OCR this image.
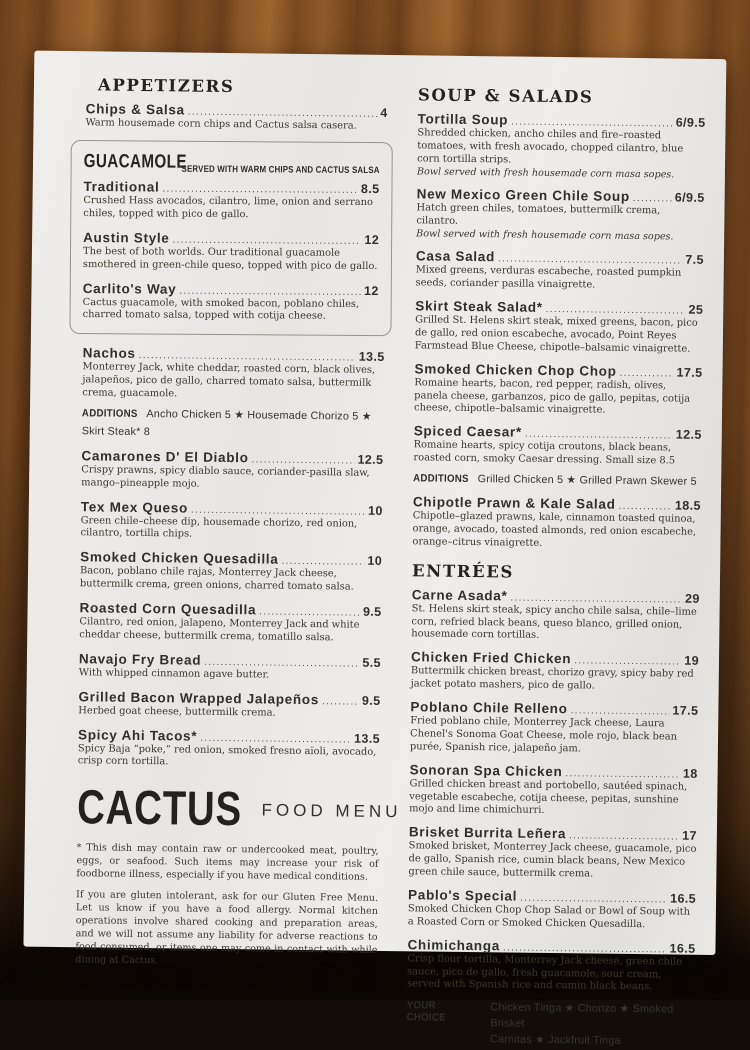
APPETIZERS
Chips & Salsa .....	4
Warm housemade corn chips and Cactus salsa casera.
GUACAMOLE
SERVED WITH WARM CHIPS AND CACTUS SALSA
Traditional .....	8.5
Crushed Hass avocados, cilantro, lime, onion and serrano chiles, topped with pico de gallo.
Austin Style .....	12
The best of both worlds. Our traditional guacamole smothered in green-chile queso, topped with pico de gallo.
Carlito's Way .....	12
Cactus guacamole, with smoked bacon, poblano chiles, charred tomato salsa, topped with cotija cheese.
Nachos .....	13.5
Monterrey Jack, white cheddar, roasted corn, black olives, jalapeños, pico de gallo, charred tomato salsa, buttermilk crema, guacamole.
ADDITIONS Ancho Chicken 5 ★ Housemade Chorizo 5 ★ Skirt Steak* 8
Camarones D' El Diablo .....	12.5
Crispy prawns, spicy diablo sauce, coriander-pasilla slaw, mango–pineapple mojo.
Tex Mex Queso .....	10
Green chile–cheese dip, housemade chorizo, red onion, cilantro, tortilla chips.
Smoked Chicken Quesadilla .....	10
Bacon, poblano chile rajas, Monterrey Jack cheese, buttermilk crema, green onions, charred tomato salsa.
Roasted Corn Quesadilla .....	9.5
Cilantro, red onion, jalapeno, Monterrey Jack and white cheddar cheese, buttermilk crema, tomatillo salsa.
Navajo Fry Bread .....	5.5
With whipped cinnamon agave butter.
Grilled Bacon Wrapped Jalapeños .....	9.5
Herbed goat cheese, buttermilk crema.
Spicy Ahi Tacos* .....	13.5
Spicy Baja “poke,” red onion, smoked fresno aïoli, avocado, crisp corn tortilla.
CACTUS FOOD MENU

* This dish may contain raw or undercooked meat, poultry, eggs, or seafood. Such items may increase your risk of foodborne illness, especially if you have medical conditions.

If you are gluten intolerant, ask for our Gluten Free Menu. Let us know if you have a food allergy. Normal kitchen operations involve shared cooking and preparation areas, and we will not assume any liability for adverse reactions to food consumed, or items one may come in contact with while dining at Cactus.

SOUP & SALADS
Tortilla Soup .....	6/9.5
Shredded chicken, ancho chiles and fire–roasted tomatoes, with fresh avocado, chopped cilantro, blue corn tortilla strips.
Bowl served with fresh housemade corn masa sopes.
New Mexico Green Chile Soup .....	6/9.5
Hatch green chiles, tomatoes, buttermilk crema, cilantro.
Bowl served with fresh housemade corn masa sopes.
Casa Salad .....	7.5
Mixed greens, verduras escabeche, roasted pumpkin seeds, coriander pasilla vinaigrette.
Skirt Steak Salad* .....	25
Grilled St. Helens skirt steak, mixed greens, bacon, pico de gallo, red onion escabeche, avocado, Point Reyes Farmstead Blue Cheese, chipotle–balsamic vinaigrette.
Smoked Chicken Chop Chop .....	17.5
Romaine hearts, bacon, red pepper, radish, olives, panela cheese, garbanzos, pico de gallo, pepitas, cotija cheese, chipotle–balsamic vinaigrette.
Spiced Caesar* .....	12.5
Romaine hearts, spicy cotija croutons, black beans, roasted corn, smoky Caesar dressing. Small size 8.5
ADDITIONS Grilled Chicken 5 ★ Grilled Prawn Skewer 5
Chipotle Prawn & Kale Salad .....	18.5
Chipotle–glazed prawns, kale, cinnamon toasted quinoa, orange, avocado, toasted almonds, red onion escabeche, orange–citrus vinaigrette.
ENTRÉES
Carne Asada* .....	29
St. Helens skirt steak, spicy ancho chile salsa, chile–lime corn, refried black beans, queso blanco, grilled onion, housemade corn tortillas.
Chicken Fried Chicken .....	19
Buttermilk chicken breast, chorizo gravy, spicy baby red jacket potato mashers, pico de gallo.
Poblano Chile Relleno .....	17.5
Fried poblano chile, Monterrey Jack cheese, Laura Chenel's Sonoma Goat Cheese, mole rojo, black bean purée, Spanish rice, jalapeño jam.
Sonoran Spa Chicken .....	18
Grilled chicken breast and portobello, sautéed spinach, vegetable escabeche, cotija cheese, pepitas, sunshine mojo and lime chimichurri.
Brisket Burrita Leñera .....	17
Smoked brisket, Monterrey Jack cheese, guacamole, pico de gallo, Spanish rice, cumin black beans, New Mexico green chile sauce, buttermilk crema.
Pablo's Special .....	16.5
Smoked Chicken Chop Chop Salad or Bowl of Soup with a Roasted Corn or Smoked Chicken Quesadilla.
Chimichanga .....	16.5
Crisp flour tortilla, Monterrey Jack cheese, green chile sauce, pico de gallo, fresh guacamole, sour cream, served with Spanish rice and cumin black beans.
YOUR CHOICE
Chicken Tinga ★ Chorizo ★ Smoked Brisket
Carnitas ★ Jackfruit Tinga
